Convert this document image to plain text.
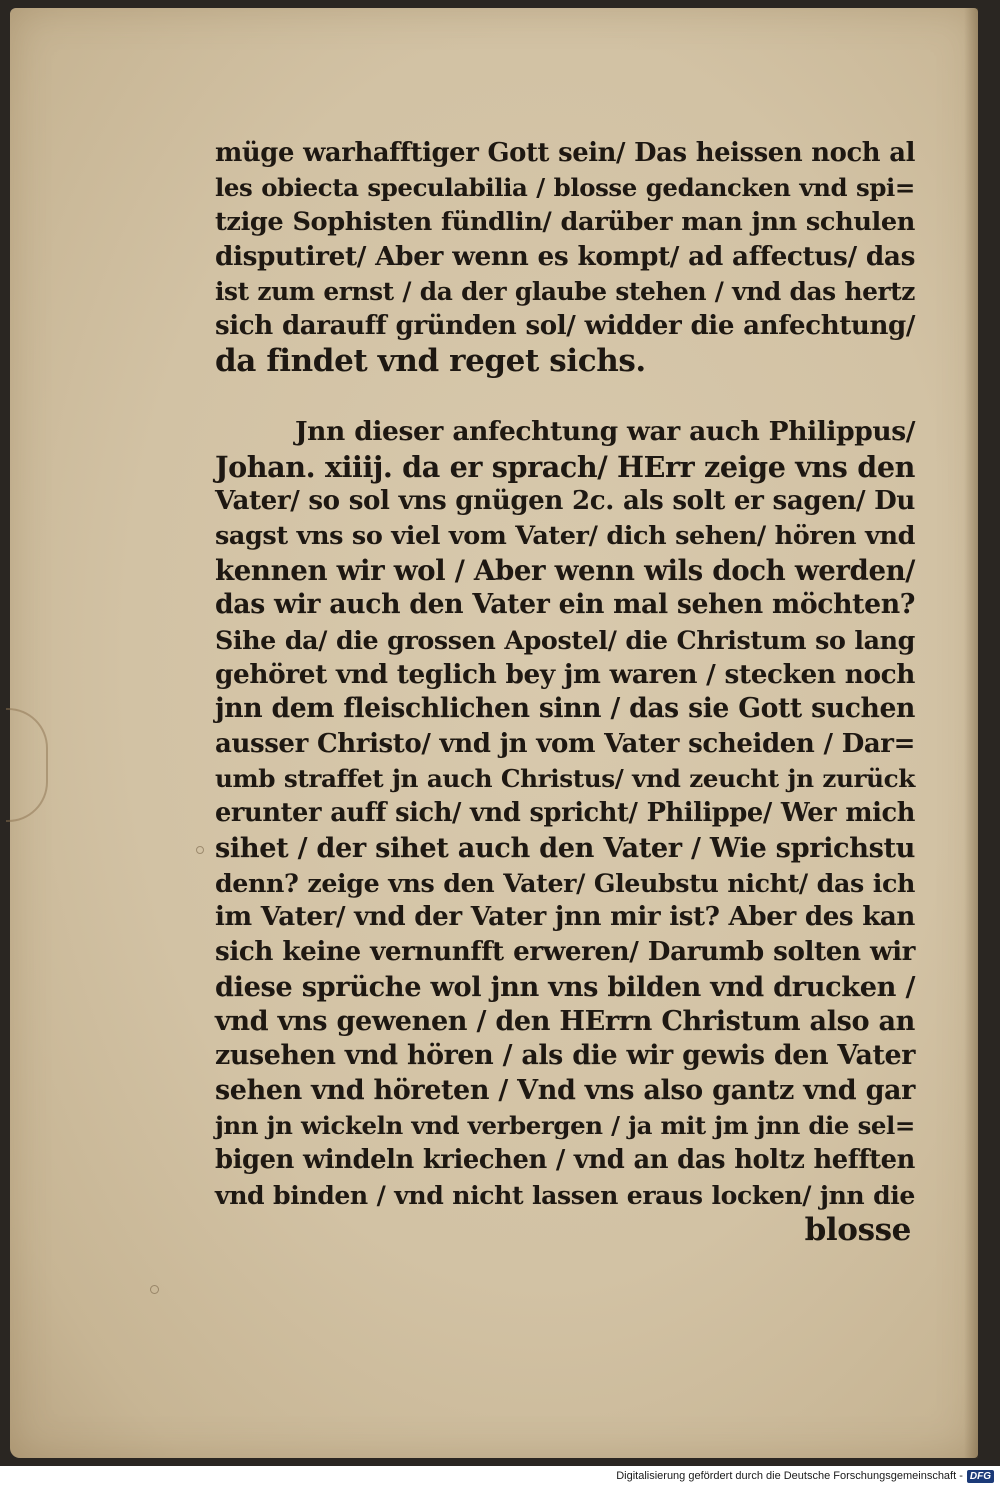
müge warhafftiger Gott sein/ Das heissen noch al
les obiecta speculabilia / blosse gedancken vnd spi=
tzige Sophisten fündlin/ darüber man jnn schulen
disputiret/ Aber wenn es kompt/ ad affectus/ das
ist zum ernst / da der glaube stehen / vnd das hertz
sich darauff gründen sol/ widder die anfechtung/
da findet vnd reget sichs.
Jnn dieser anfechtung war auch Philippus/
Johan. xiiij. da er sprach/ HErr zeige vns den
Vater/ so sol vns gnügen 2c. als solt er sagen/ Du
sagst vns so viel vom Vater/ dich sehen/ hören vnd
kennen wir wol / Aber wenn wils doch werden/
das wir auch den Vater ein mal sehen möchten?
Sihe da/ die grossen Apostel/ die Christum so lang
gehöret vnd teglich bey jm waren / stecken noch
jnn dem fleischlichen sinn / das sie Gott suchen
ausser Christo/ vnd jn vom Vater scheiden / Dar=
umb straffet jn auch Christus/ vnd zeucht jn zurück
erunter auff sich/ vnd spricht/ Philippe/ Wer mich
sihet / der sihet auch den Vater / Wie sprichstu
denn? zeige vns den Vater/ Gleubstu nicht/ das ich
im Vater/ vnd der Vater jnn mir ist? Aber des kan
sich keine vernunfft erweren/ Darumb solten wir
diese sprüche wol jnn vns bilden vnd drucken /
vnd vns gewenen / den HErrn Christum also an
zusehen vnd hören / als die wir gewis den Vater
sehen vnd höreten / Vnd vns also gantz vnd gar
jnn jn wickeln vnd verbergen / ja mit jm jnn die sel=
bigen windeln kriechen / vnd an das holtz hefften
vnd binden / vnd nicht lassen eraus locken/ jnn die
blosse
Digitalisierung gefördert durch die Deutsche Forschungsgemeinschaft - DFG
